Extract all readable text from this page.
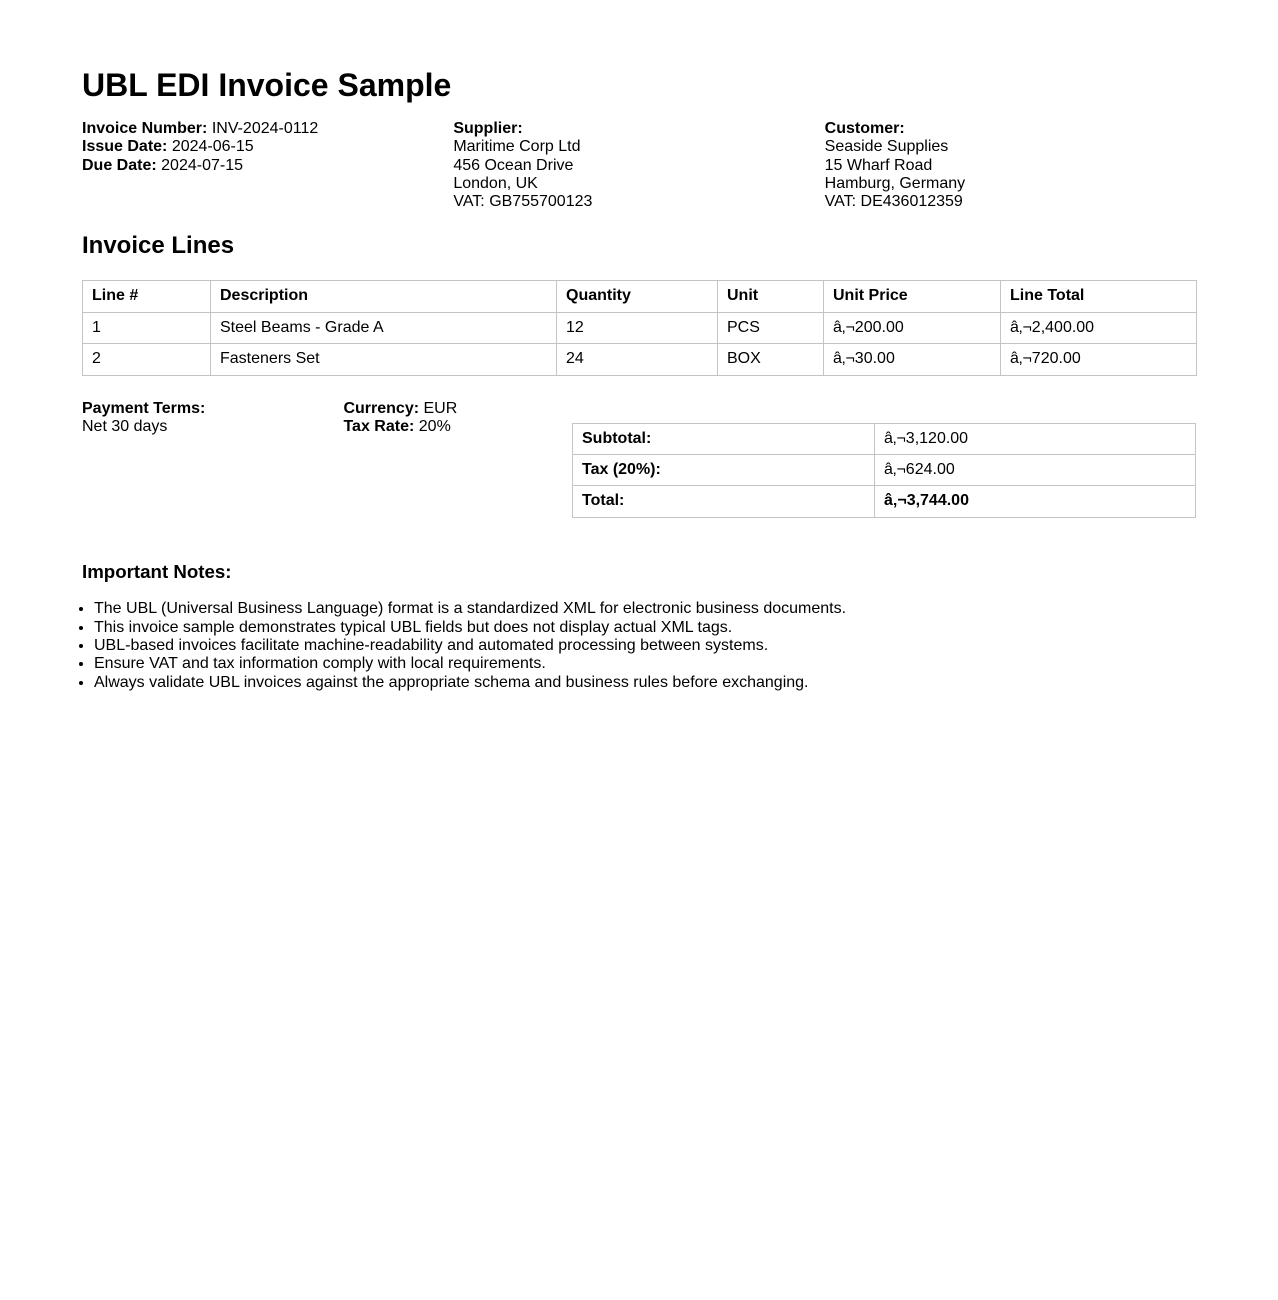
UBL EDI Invoice Sample
Invoice Number: INV-2024-0112
Issue Date: 2024-06-15
Due Date: 2024-07-15
Supplier:
Maritime Corp Ltd
456 Ocean Drive
London, UK
VAT: GB755700123
Customer:
Seaside Supplies
15 Wharf Road
Hamburg, Germany
VAT: DE436012359
Invoice Lines
Line #	Description	Quantity	Unit	Unit Price	Line Total
1	Steel Beams - Grade A	12	PCS	â‚¬200.00	â‚¬2,400.00
2	Fasteners Set	24	BOX	â‚¬30.00	â‚¬720.00
Payment Terms:
Net 30 days
Currency: EUR
Tax Rate: 20%
Subtotal:	â‚¬3,120.00
Tax (20%):	â‚¬624.00
Total:	â‚¬3,744.00
Important Notes:
• The UBL (Universal Business Language) format is a standardized XML for electronic business documents.
• This invoice sample demonstrates typical UBL fields but does not display actual XML tags.
• UBL-based invoices facilitate machine-readability and automated processing between systems.
• Ensure VAT and tax information comply with local requirements.
• Always validate UBL invoices against the appropriate schema and business rules before exchanging.
